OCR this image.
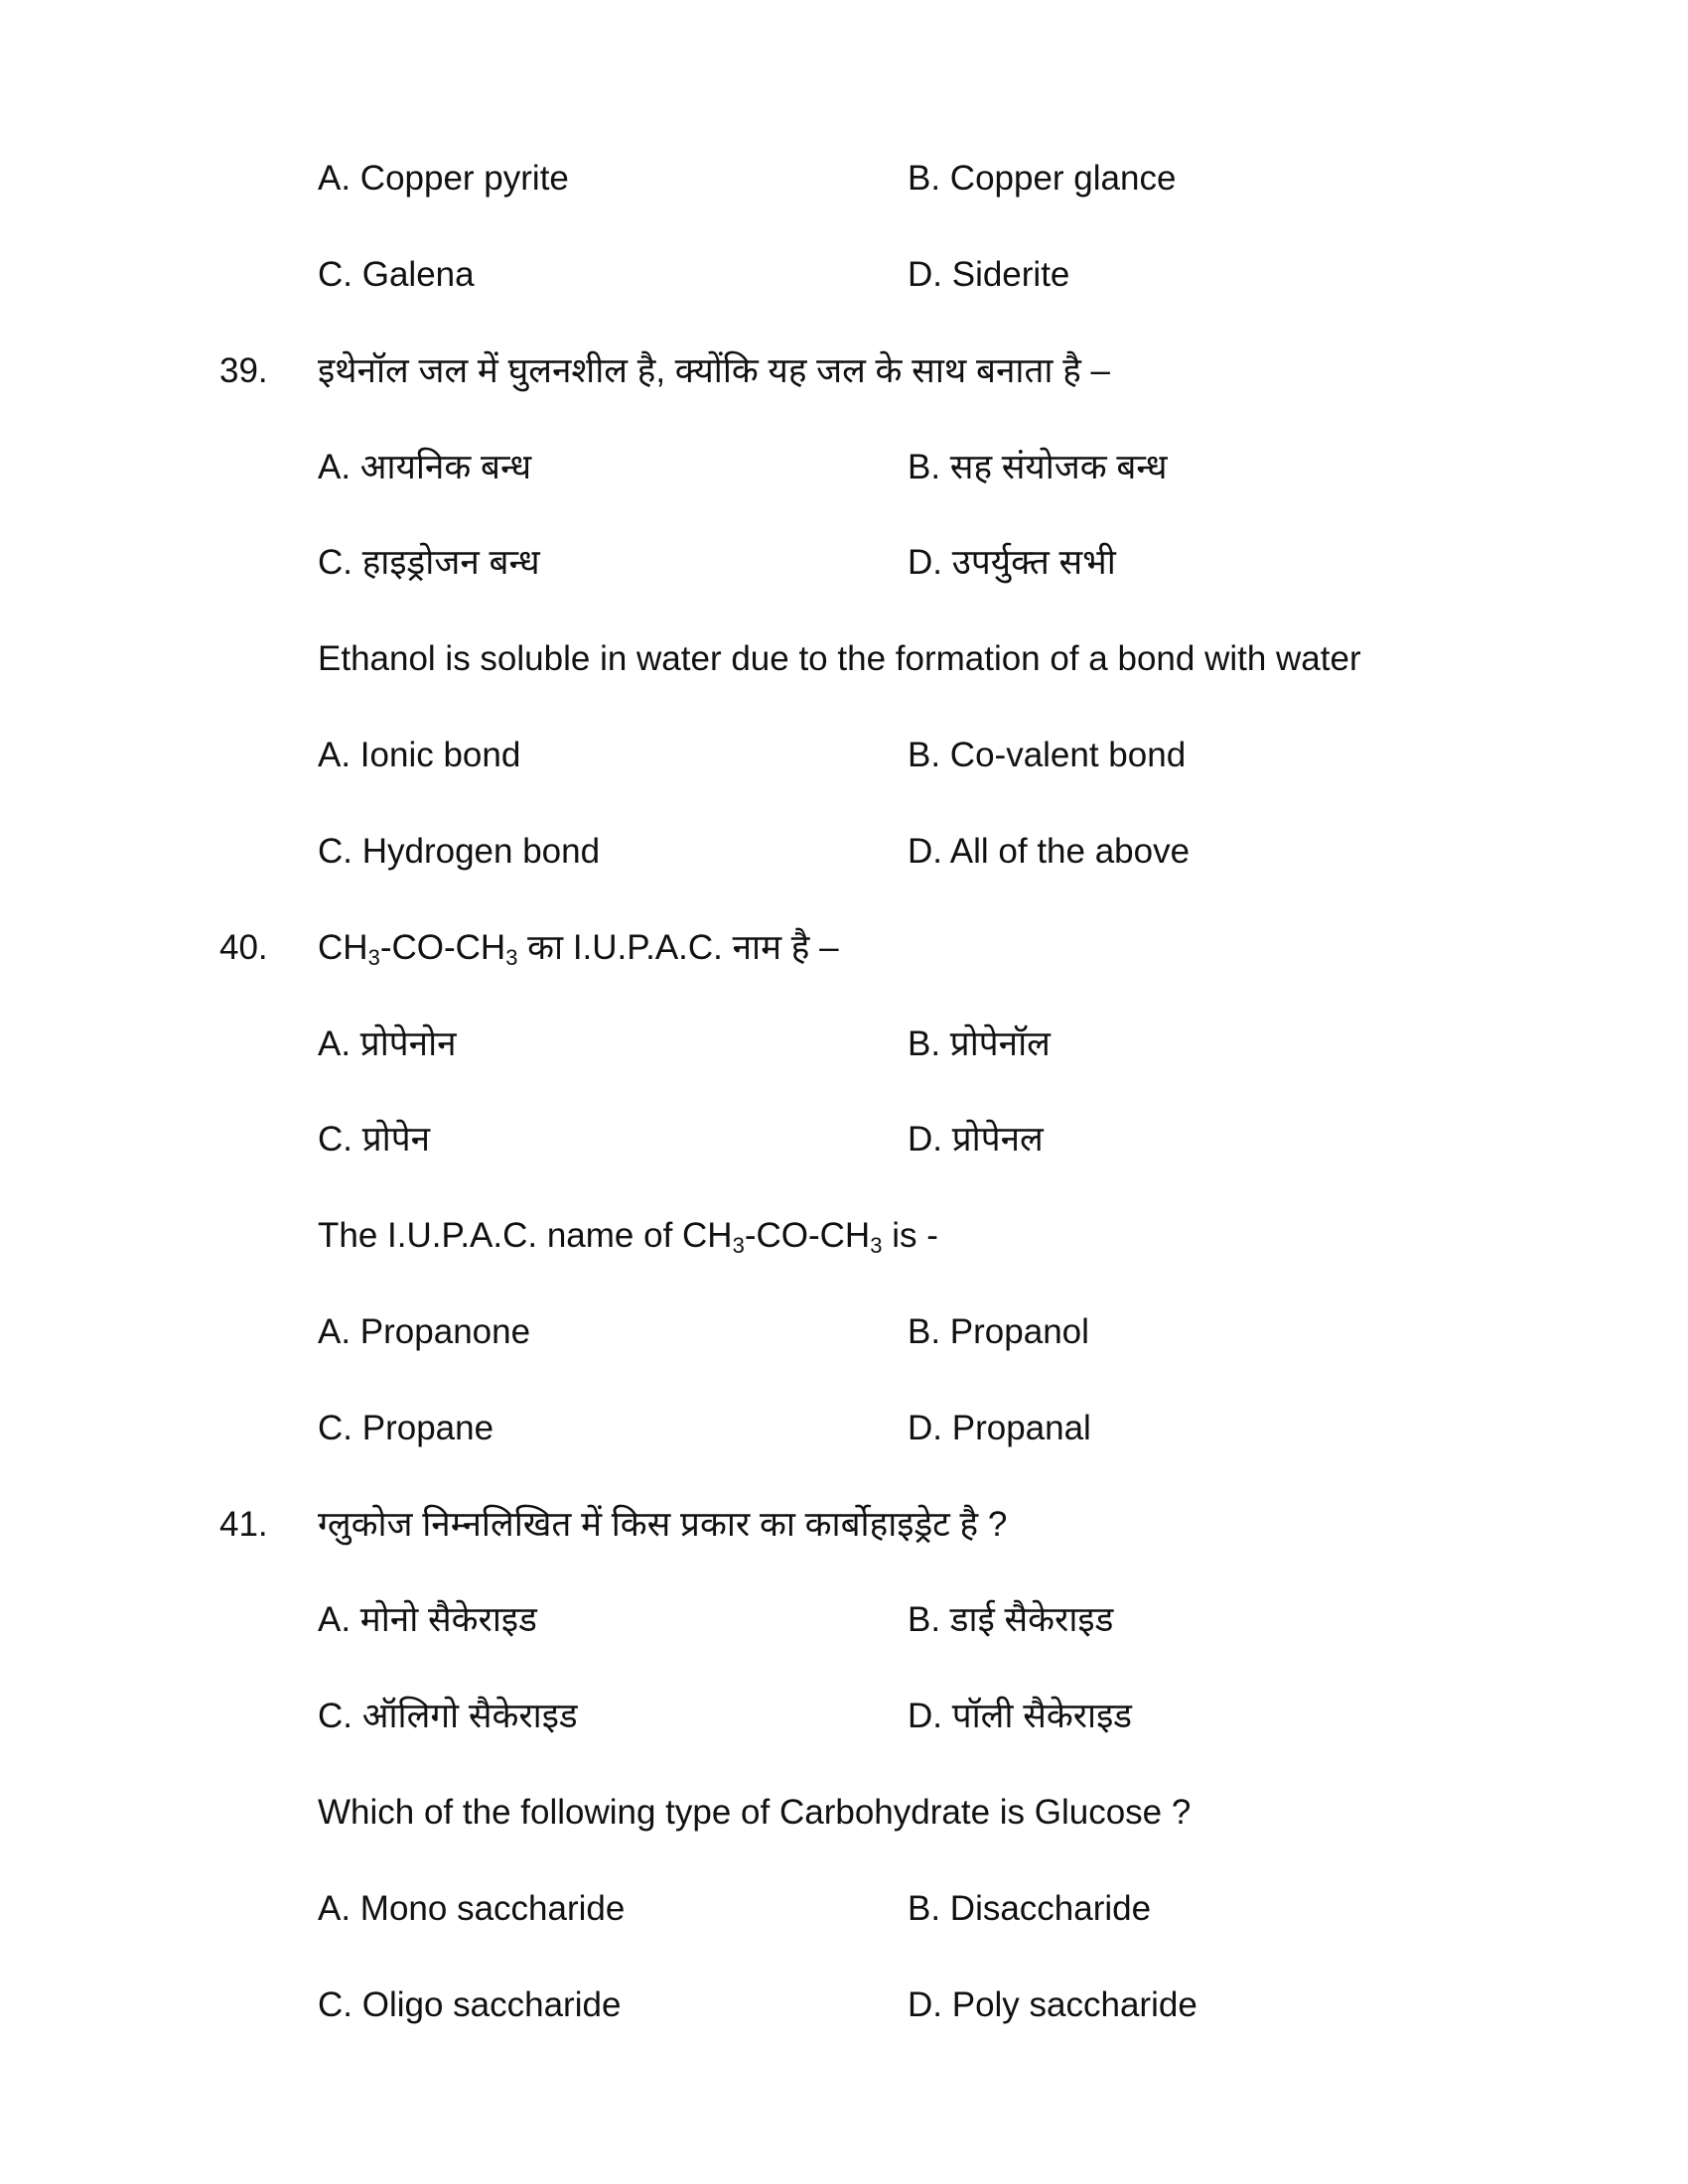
A. Copper pyrite	B. Copper glance
C. Galena	D. Siderite
39. इथेनॉल जल में घुलनशील है, क्योंकि यह जल के साथ बनाता है –
A. आयनिक बन्ध	B. सह संयोजक बन्ध
C. हाइड्रोजन बन्ध	D. उपर्युक्त सभी
Ethanol is soluble in water due to the formation of a bond with water
A. Ionic bond	B. Co-valent bond
C. Hydrogen bond	D. All of the above
40. $CH_3-CO-CH_3$ का I.U.P.A.C. नाम है –
A. प्रोपेनोन	B. प्रोपेनॉल
C. प्रोपेन	D. प्रोपेनल
The I.U.P.A.C. name of $CH_3-CO-CH_3$ is -
A. Propanone	B. Propanol
C. Propane	D. Propanal
41. ग्लुकोज निम्नलिखित में किस प्रकार का कार्बोहाइड्रेट है ?
A. मोनो सैकेराइड	B. डाई सैकेराइड
C. ऑलिगो सैकेराइड	D. पॉली सैकेराइड
Which of the following type of Carbohydrate is Glucose ?
A. Mono saccharide	B. Disaccharide
C. Oligo saccharide	D. Poly saccharide
